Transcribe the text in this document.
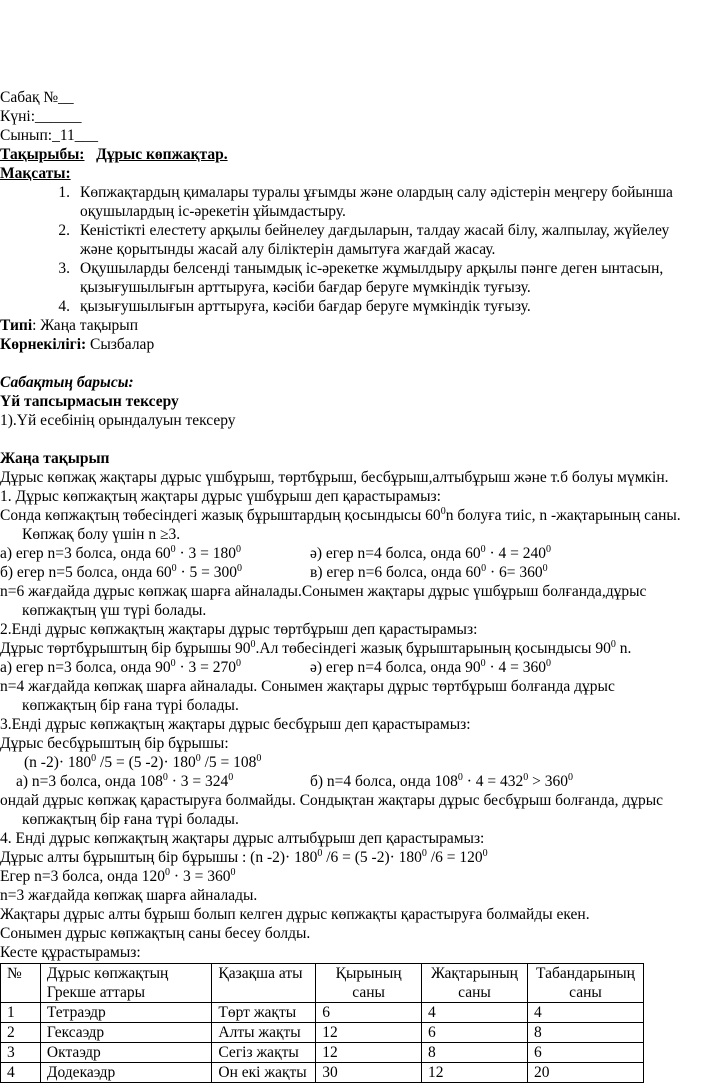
Сабақ №__
Күні:______
Сынып:_11___
Тақырыбы: Дұрыс көпжақтар.
Мақсаты:
1. Көпжақтардың қималары туралы ұғымды және олардың салу әдістерін меңгеру бойынша оқушылардың іс-әрекетін ұйымдастыру.
2. Кеністікті елестету арқылы бейнелеу дағдыларын, талдау жасай білу, жалпылау, жүйелеу және қорытынды жасай алу біліктерін дамытуға жағдай жасау.
3. Оқушыларды белсенді танымдық іс-әрекетке жұмылдыру арқылы пәнге деген ынтасын, қызығушылығын арттыруға, кәсіби бағдар беруге мүмкіндік туғызу.
4. қызығушылығын арттыруға, кәсіби бағдар беруге мүмкіндік туғызу.
Типі: Жаңа тақырып
Көрнекілігі: Сызбалар
Сабақтың барысы:
Үй тапсырмасын тексеру
1).Үй есебінің орындалуын тексеру
Жаңа тақырып
Дұрыс көпжақ жақтары дұрыс үшбұрыш, төртбұрыш, бесбұрыш,алтыбұрыш және т.б болуы мүмкін.
1. Дұрыс көпжақтың жақтары дұрыс үшбұрыш деп қарастырамыз:
Сонда көпжақтың төбесіндегі жазық бұрыштардың қосындысы $60^0n$ болуға тиіс, n -жақтарының саны.
Көпжақ болу үшін n ≥3.
а) егер n=3 болса, онда $60^0 \cdot 3 = 180^0$	ә) егер n=4 болса, онда $60^0 \cdot 4 = 240^0$
б) егер n=5 болса, онда $60^0 \cdot 5 = 300^0$	в) егер n=6 болса, онда $60^0 \cdot 6= 360^0$
n=6 жағдайда дұрыс көпжақ шарға айналады.Сонымен жақтары дұрыс үшбұрыш болғанда,дұрыс
көпжақтың үш түрі болады.
2.Енді дұрыс көпжақтың жақтары дұрыс төртбұрыш деп қарастырамыз:
Дұрыс төртбұрыштың бір бұрышы $90^0.Ал$ төбесіндегі жазық бұрыштарының қосындысы $90^0$ n.
а) егер n=3 болса, онда $90^0 \cdot 3 = 270^0$	ә) егер n=4 болса, онда $90^0 \cdot 4 = 360^0$
n=4 жағдайда көпжақ шарға айналады. Сонымен жақтары дұрыс төртбұрыш болғанда дұрыс
көпжақтың бір ғана түрі болады.
3.Енді дұрыс көпжақтың жақтары дұрыс бесбұрыш деп қарастырамыз:
Дұрыс бесбұрыштың бір бұрышы:
(n $-2)\cdot 180^0$ /5 = (5 $-2)\cdot 180^0$ $/5 = 108^0$
а) n=3 болса, онда $108^0 \cdot 3 = 324^0$	б) n=4 болса, онда $108^0 \cdot 4 = 432^0 > 360^0$
ондай дұрыс көпжақ қарастыруға болмайды. Сондықтан жақтары дұрыс бесбұрыш болғанда, дұрыс
көпжақтың бір ғана түрі болады.
4. Енді дұрыс көпжақтың жақтары дұрыс алтыбұрыш деп қарастырамыз:
Дұрыс алты бұрыштың бір бұрышы : (n $-2)\cdot 180^0$ /6 = (5 $-2)\cdot 180^0$ $/6 = 120^0$
Егер n=3 болса, онда $120^0 \cdot 3 = 360^0$
n=3 жағдайда көпжақ шарға айналады.
Жақтары дұрыс алты бұрыш болып келген дұрыс көпжақты қарастыруға болмайды екен.
Сонымен дұрыс көпжақтың саны бесеу болды.
Кесте құрастырамыз:
№	Дұрыс көпжақтың Грекше аттары	Қазақша аты	Қырының саны	Жақтарының саны	Табандарының саны
1	Тетраэдр	Төрт жақты	6	4	4
2	Гексаэдр	Алты жақты	12	6	8
3	Октаэдр	Сегіз жақты	12	8	6
4	Додекаэдр	Он екі жақты	30	12	20
